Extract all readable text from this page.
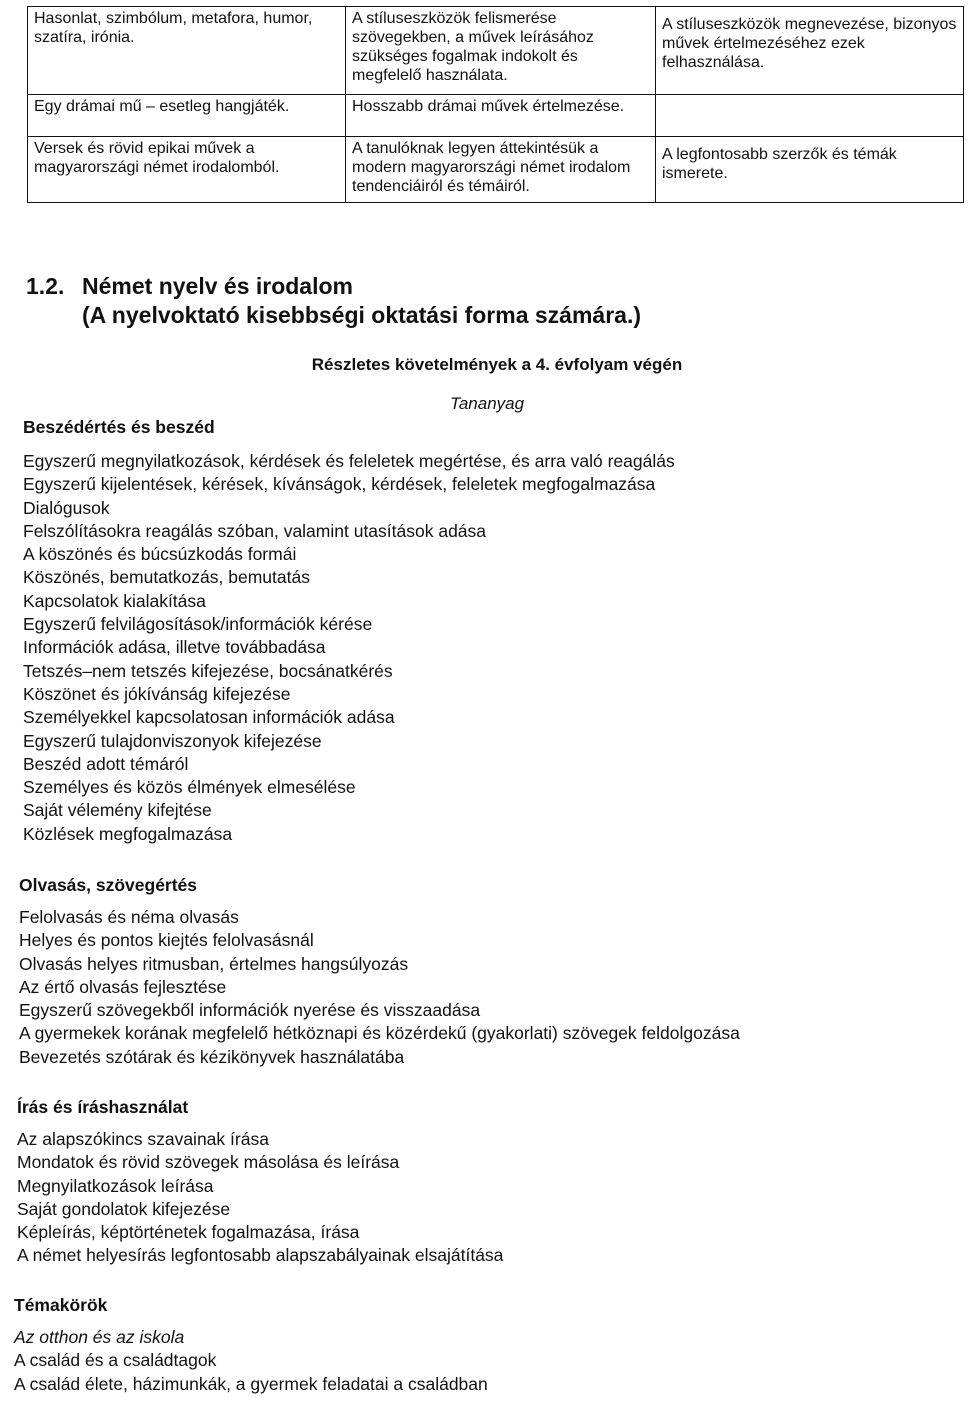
Hasonlat, szimbólum, metafora, humor, szatíra, irónia.	A stíluseszközök felismerése szövegekben, a művek leírásához szükséges fogalmak indokolt és megfelelő használata.	A stíluseszközök megnevezése, bizonyos művek értelmezéséhez ezek felhasználása.
Egy drámai mű – esetleg hangjáték.	Hosszabb drámai művek értelmezése.	
Versek és rövid epikai művek a magyarországi német irodalomból.	A tanulóknak legyen áttekintésük a modern magyarországi német irodalom tendenciáiról és témáiról.	A legfontosabb szerzők és témák ismerete.
1.2. Német nyelv és irodalom
(A nyelvoktató kisebbségi oktatási forma számára.)
Részletes követelmények a 4. évfolyam végén
Tananyag
Beszédértés és beszéd
Egyszerű megnyilatkozások, kérdések és feleletek megértése, és arra való reagálás
Egyszerű kijelentések, kérések, kívánságok, kérdések, feleletek megfogalmazása
Dialógusok
Felszólításokra reagálás szóban, valamint utasítások adása
A köszönés és búcsúzkodás formái
Köszönés, bemutatkozás, bemutatás
Kapcsolatok kialakítása
Egyszerű felvilágosítások/információk kérése
Információk adása, illetve továbbadása
Tetszés–nem tetszés kifejezése, bocsánatkérés
Köszönet és jókívánság kifejezése
Személyekkel kapcsolatosan információk adása
Egyszerű tulajdonviszonyok kifejezése
Beszéd adott témáról
Személyes és közös élmények elmesélése
Saját vélemény kifejtése
Közlések megfogalmazása
Olvasás, szövegértés
Felolvasás és néma olvasás
Helyes és pontos kiejtés felolvasásnál
Olvasás helyes ritmusban, értelmes hangsúlyozás
Az értő olvasás fejlesztése
Egyszerű szövegekből információk nyerése és visszaadása
A gyermekek korának megfelelő hétköznapi és közérdekű (gyakorlati) szövegek feldolgozása
Bevezetés szótárak és kézikönyvek használatába
Írás és íráshasználat
Az alapszókincs szavainak írása
Mondatok és rövid szövegek másolása és leírása
Megnyilatkozások leírása
Saját gondolatok kifejezése
Képleírás, képtörténetek fogalmazása, írása
A német helyesírás legfontosabb alapszabályainak elsajátítása
Témakörök
Az otthon és az iskola
A család és a családtagok
A család élete, házimunkák, a gyermek feladatai a családban
